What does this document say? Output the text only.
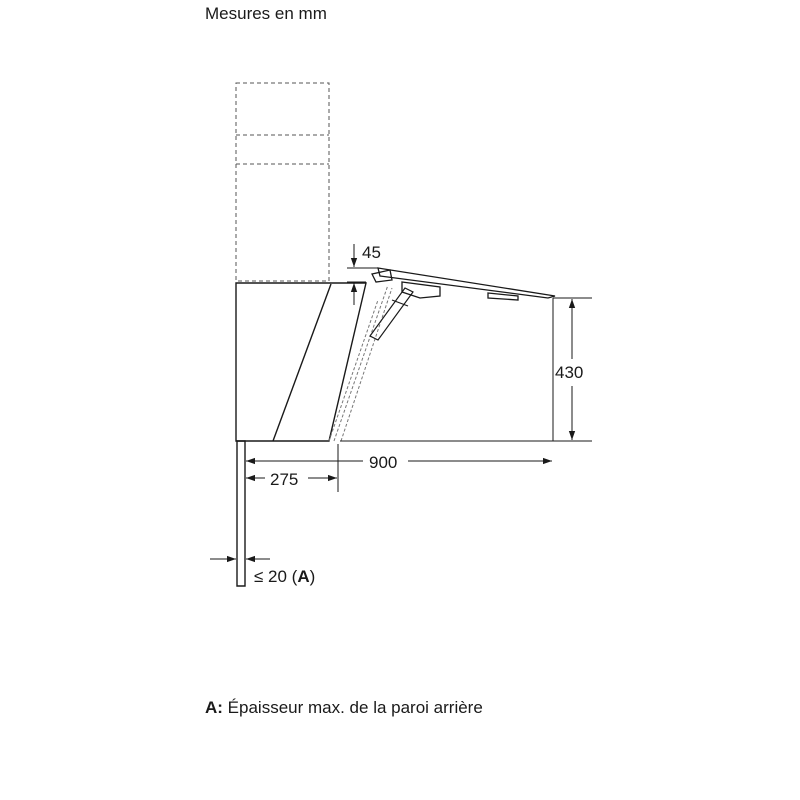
Mesures en mm
45
430
900
275
≤ 20 (A)
A: Épaisseur max. de la paroi arrière
